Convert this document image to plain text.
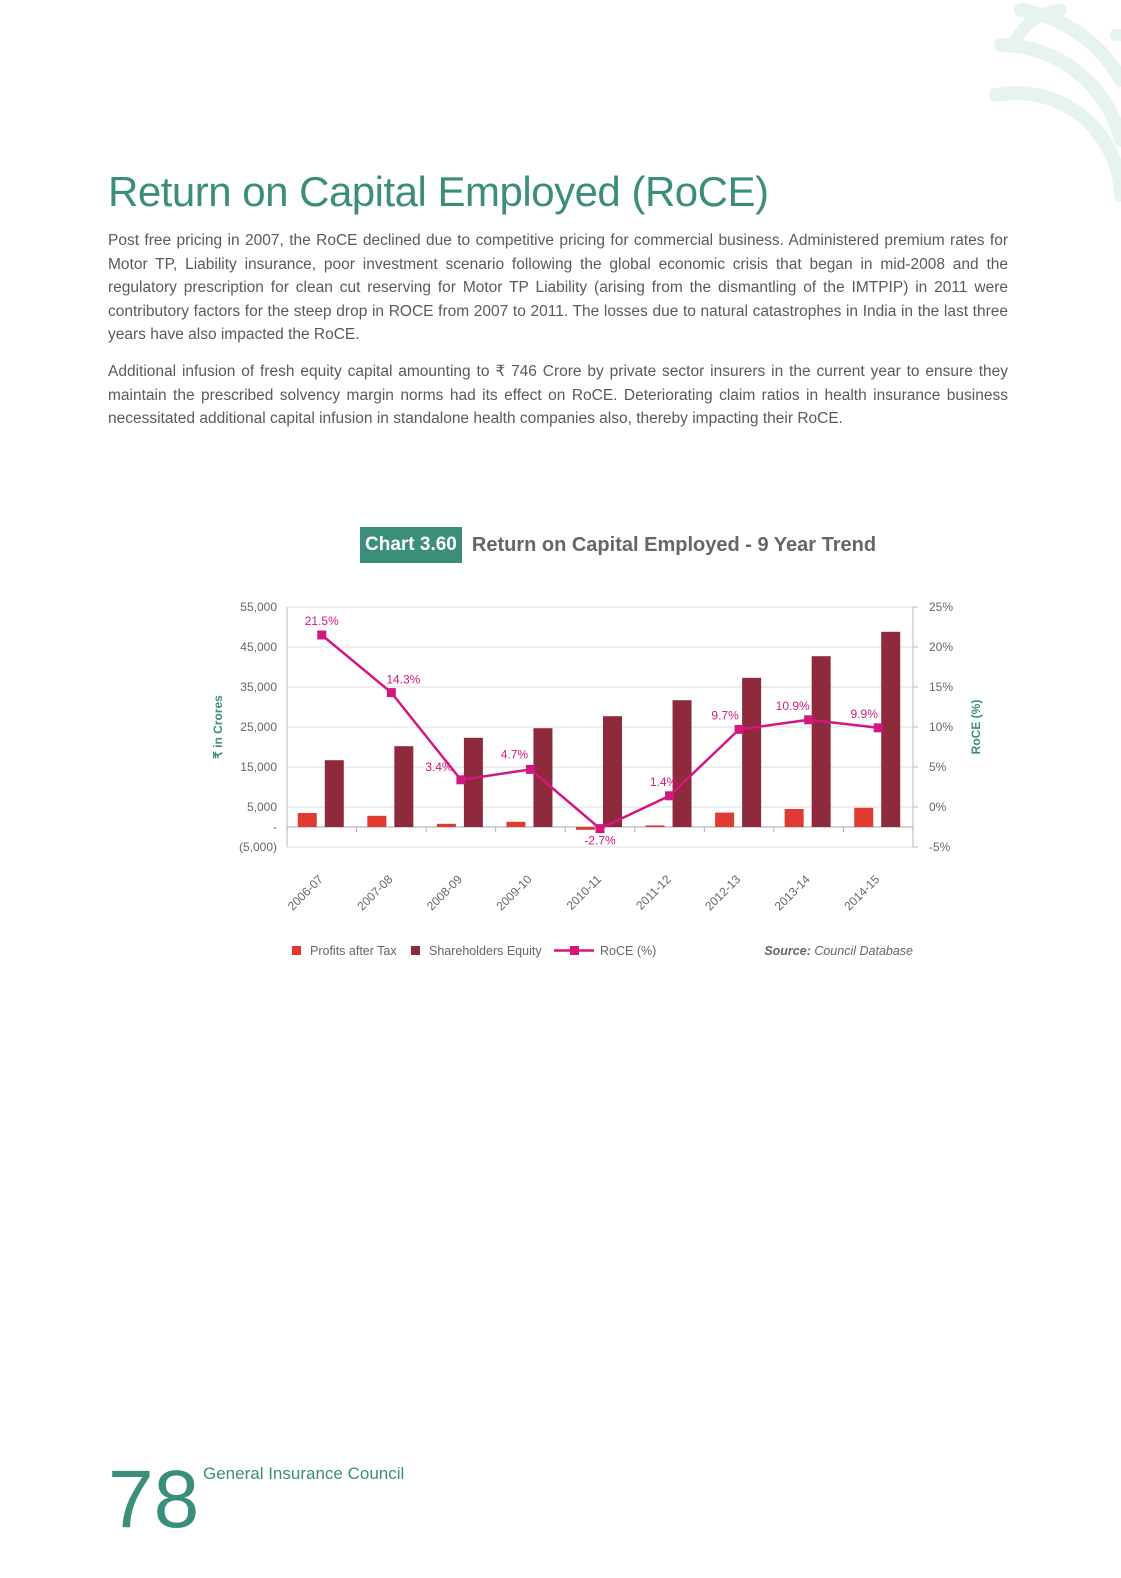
Return on Capital Employed (RoCE)

Post free pricing in 2007, the RoCE declined due to competitive pricing for commercial business. Administered premium rates for Motor TP, Liability insurance, poor investment scenario following the global economic crisis that began in mid-2008 and the regulatory prescription for clean cut reserving for Motor TP Liability (arising from the dismantling of the IMTPIP) in 2011 were contributory factors for the steep drop in ROCE from 2007 to 2011. The losses due to natural catastrophes in India in the last three years have also impacted the RoCE.

Additional infusion of fresh equity capital amounting to ₹ 746 Crore by private sector insurers in the current year to ensure they maintain the prescribed solvency margin norms had its effect on RoCE. Deteriorating claim ratios in health insurance business necessitated additional capital infusion in standalone health companies also, thereby impacting their RoCE.

Chart 3.60 Return on Capital Employed - 9 Year Trend
55,000
45,000
35,000
25,000
15,000
5,000
-
(5,000)
25%
20%
15%
10%
5%
0%
-5%
2006-07 2007-08 2008-09 2009-10 2010-11 2011-12 2012-13 2013-14 2014-15
21.5%
14.3%
3.4%
4.7%
-2.7%
1.4%
9.7%
10.9%
9.9%
₹ in Crores	RoCE (%)
Profits after Tax	Shareholders Equity	RoCE (%)	Source: Council Database
78 General Insurance Council
